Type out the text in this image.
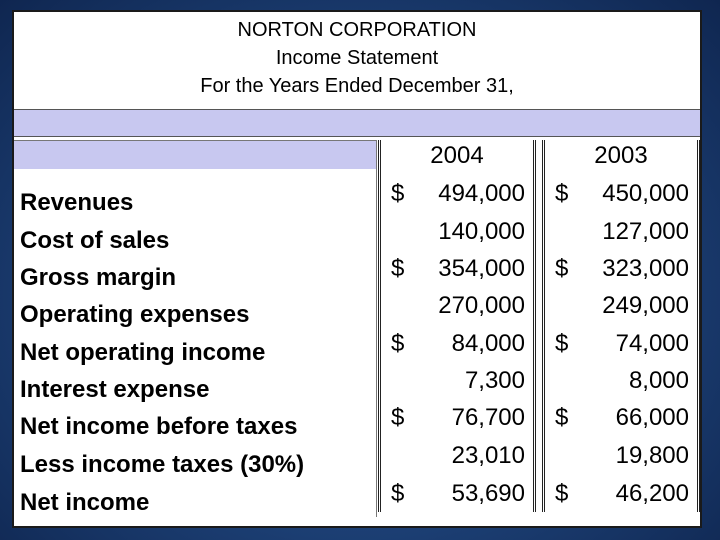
NORTON CORPORATION
Income Statement
For the Years Ended December 31,
Revenues
Cost of sales
Gross margin
Operating expenses
Net operating income
Interest expense
Net income before taxes
Less income taxes (30%)
Net income
2004
$ 494,000
140,000
$ 354,000
270,000
$ 84,000
7,300
$ 76,700
23,010
$ 53,690
2003
$ 450,000
127,000
$ 323,000
249,000
$ 74,000
8,000
$ 66,000
19,800
$ 46,200
